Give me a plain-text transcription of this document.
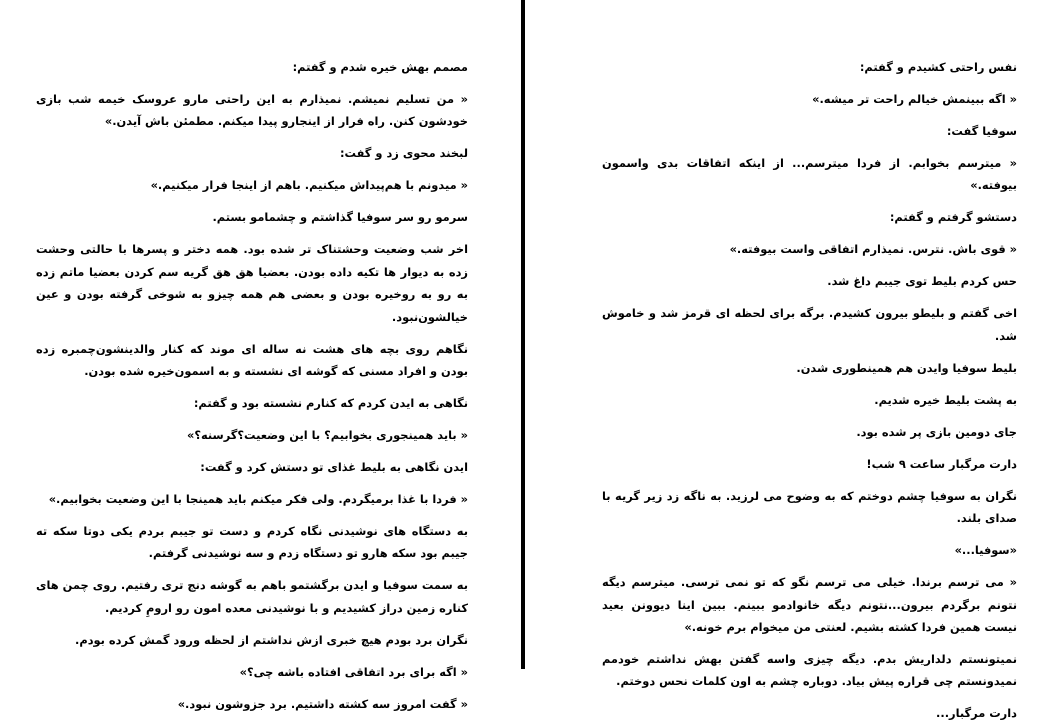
مصمم بهش خیره شدم و گفتم:

« من تسلیم نمیشم. نمیذارم به این راحتی مارو عروسک خیمه شب بازی خودشون کنن. راه فرار از اینجارو پیدا میکنم. مطمئن باش آیدن.»

لبخند محوی زد و گفت:

« میدونم با هم‌پیداش میکنیم. باهم از اینجا فرار میکنیم.»

سرمو رو سر سوفیا گذاشتم و چشمامو بستم.

اخر شب وضعیت وحشتناک تر شده بود. همه دختر و پسرها با حالتی وحشت زده به دیوار ها تکیه داده بودن. بعضیا هق هق گریه سم کردن بعضیا ماتم زده به رو به روخیره بودن و بعضی هم همه چیزو به شوخی گرفته بودن و عین خیالشون‌نبود.

نگاهم روی بچه های هشت نه ساله ای موند که کنار والدینشون‌چمبره زده بودن و افراد مسنی که گوشه ای نشسته و به اسمون‌خیره شده بودن.

نگاهی به ایدن کردم که کنارم نشسته بود و گفتم:

« باید همینجوری بخوابیم؟ با این وضعیت؟گرسنه؟»

ایدن نگاهی به بلیط غذای تو دستش کرد و گفت:

« فردا با غذا برمیگردم. ولی فکر میکنم باید همینجا با این وضعیت بخوابیم.»

به دستگاه های نوشیدنی نگاه کردم و دست تو جیبم بردم یکی دوتا سکه ته جیبم بود سکه هارو تو دستگاه زدم و سه نوشیدنی گرفتم.

به سمت سوفیا و ایدن برگشتمو باهم به گوشه دنج تری رفتیم. روی چمن های کناره زمین دراز کشیدیم و با نوشیدنی معده امون رو ارومِ کردیم.

نگران برد بودم هیچ خبری ازش نداشتم از لحظه ورود گمش کرده بودم.

« اگه برای برد اتفاقی افتاده باشه چی؟»

« گفت امروز سه کشته داشتیم. برد جزوشون نبود.»

نفس راحتی کشیدم و گفتم:

« اگه ببینمش خیالم راحت تر میشه.»

سوفیا گفت:

« میترسم بخوابم. از فردا میترسم... از اینکه اتفاقات بدی واسمون بیوفته.»

دستشو گرفتم و گفتم:

« قوی باش. نترس. نمیذارم اتفاقی واست بیوفته.»

حس کردم بلیط توی جیبم داغ شد.

اخی گفتم و بلیطو بیرون کشیدم. برگه برای لحظه ای قرمز شد و خاموش شد.

بلیط سوفیا وایدن هم همینطوری شدن.

به پشت بلیط خیره شدیم.

جای دومین بازی پر شده بود.

دارت مرگبار ساعت ۹ شب!

نگران به سوفیا چشم دوختم که به وضوح می لرزید. به ناگه زد زیر گریه با صدای بلند.

«سوفیا...»

« می ترسم برندا. خیلی می ترسم نگو که تو نمی ترسی. میترسم دیگه نتونم برگردم بیرون...نتونم دیگه خانوادمو ببینم. ببین اینا دیوونن بعید نیست همین فردا کشته بشیم. لعنتی من میخوام برم خونه.»

نمیتونستم دلداریش بدم. دیگه چیزی واسه گفتن بهش نداشتم خودمم نمیدونستم چی قراره پیش بیاد. دوباره چشم به اون کلمات نحس دوختم.

دارت مرگبار...
